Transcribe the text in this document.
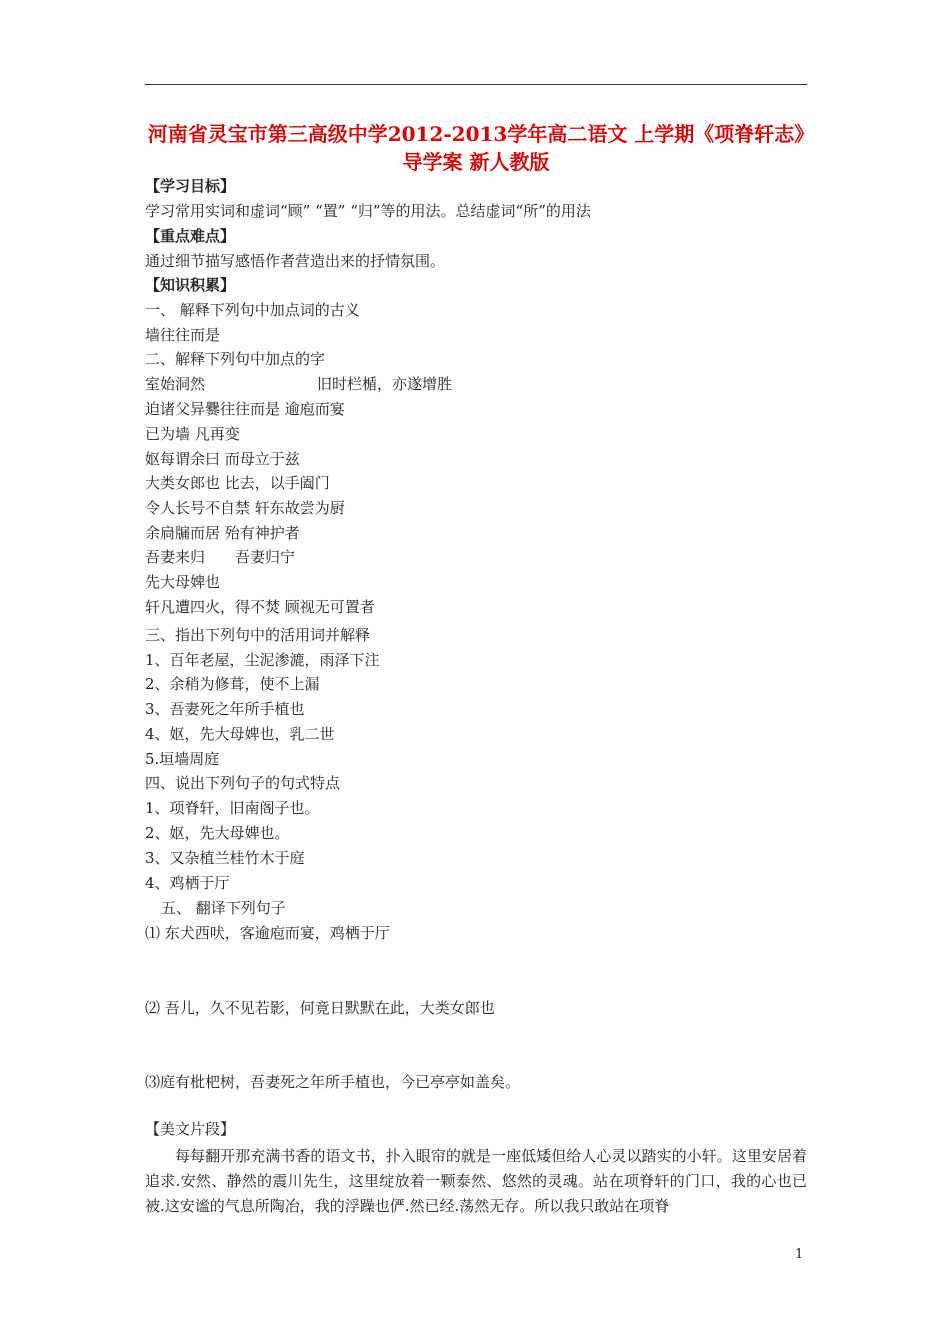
河南省灵宝市第三高级中学2012-2013学年高二语文 上学期《项脊轩志》导学案 新人教版
【学习目标】
学习常用实词和虚词“顾” “置” “归”等的用法。总结虚词“所”的用法
【重点难点】
通过细节描写感悟作者营造出来的抒情氛围。
【知识积累】
一、 解释下列句中加点词的古义
墙往往而是
二、解释下列句中加点的字
室始洞然	旧时栏楯，亦遂增胜
迫诸父异爨往往而是 逾庖而宴
已为墙 凡再变
妪每谓余曰 而母立于兹
大类女郎也 比去，以手阖门
令人长号不自禁 轩东故尝为厨
余扃牖而居 殆有神护者
吾妻来归 吾妻归宁
先大母婢也
轩凡遭四火，得不焚 顾视无可置者
三、指出下列句中的活用词并解释
1、百年老屋，尘泥渗漉，雨泽下注
2、余稍为修葺，使不上漏
3、吾妻死之年所手植也
4、妪，先大母婢也，乳二世
5.垣墙周庭
四、说出下列句子的句式特点
1、项脊轩，旧南阁子也。
2、妪，先大母婢也。
3、又杂植兰桂竹木于庭
4、鸡栖于厅
五、 翻译下列句子
⑴ 东犬西吠，客逾庖而宴，鸡栖于厅
⑵ 吾儿，久不见若影，何竟日默默在此，大类女郎也
⑶庭有枇杷树，吾妻死之年所手植也，今已亭亭如盖矣。
【美文片段】

每每翻开那充满书香的语文书，扑入眼帘的就是一座低矮但给人心灵以踏实的小轩。这里安居着追求.安然、静然的震川先生，这里绽放着一颗泰然、悠然的灵魂。站在项脊轩的门口，我的心也已被.这安谧的气息所陶冶，我的浮躁也俨.然已经.荡然无存。所以我只敢站在项脊

1
